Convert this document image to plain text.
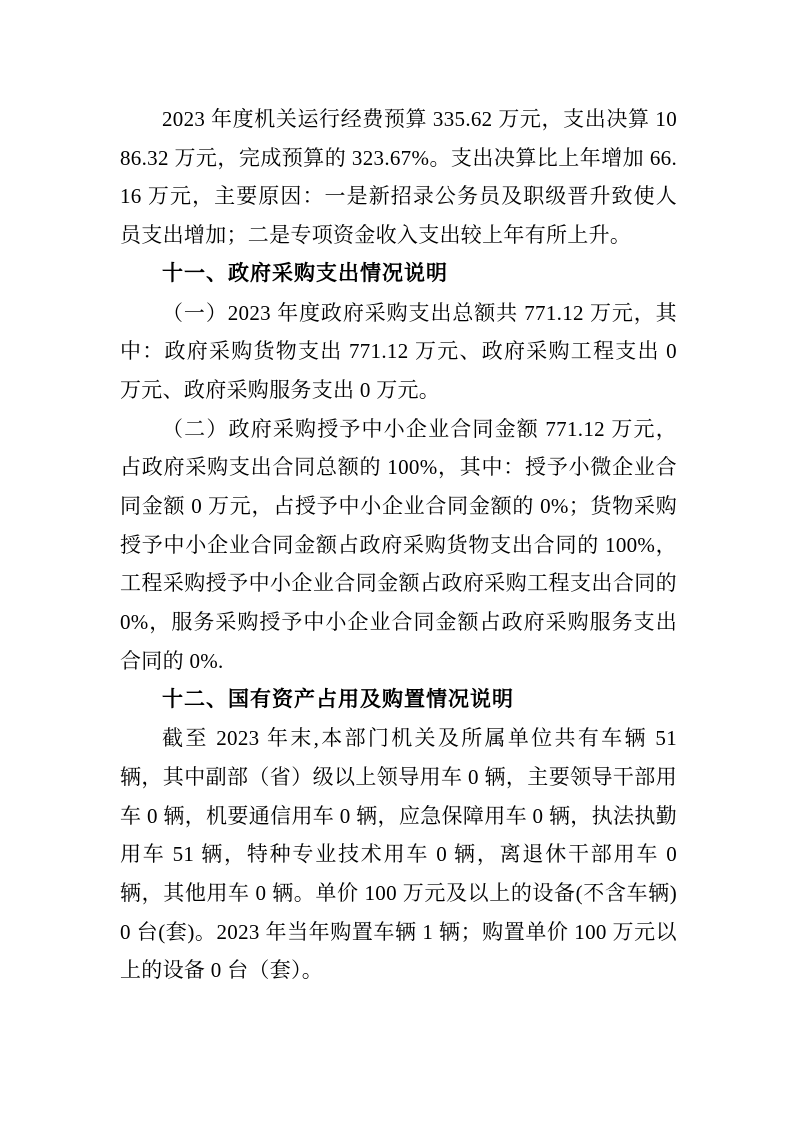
2023 年度机关运行经费预算 335.62 万元，支出决算 1086.32 万元，完成预算的 323.67%。支出决算比上年增加 66.16 万元，主要原因：一是新招录公务员及职级晋升致使人员支出增加；二是专项资金收入支出较上年有所上升。

十一、政府采购支出情况说明

（一）2023 年度政府采购支出总额共 771.12 万元，其中：政府采购货物支出 771.12 万元、政府采购工程支出 0 万元、政府采购服务支出 0 万元。

（二）政府采购授予中小企业合同金额 771.12 万元，占政府采购支出合同总额的 100%，其中：授予小微企业合同金额 0 万元，占授予中小企业合同金额的 0%；货物采购授予中小企业合同金额占政府采购货物支出合同的 100%，工程采购授予中小企业合同金额占政府采购工程支出合同的 0%，服务采购授予中小企业合同金额占政府采购服务支出合同的 0%.

十二、国有资产占用及购置情况说明

截至 2023 年末,本部门机关及所属单位共有车辆 51 辆，其中副部（省）级以上领导用车 0 辆，主要领导干部用车 0 辆，机要通信用车 0 辆，应急保障用车 0 辆，执法执勤用车 51 辆，特种专业技术用车 0 辆，离退休干部用车 0 辆，其他用车 0 辆。单价 100 万元及以上的设备(不含车辆)0 台(套)。2023 年当年购置车辆 1 辆；购置单价 100 万元以上的设备 0 台（套）。
